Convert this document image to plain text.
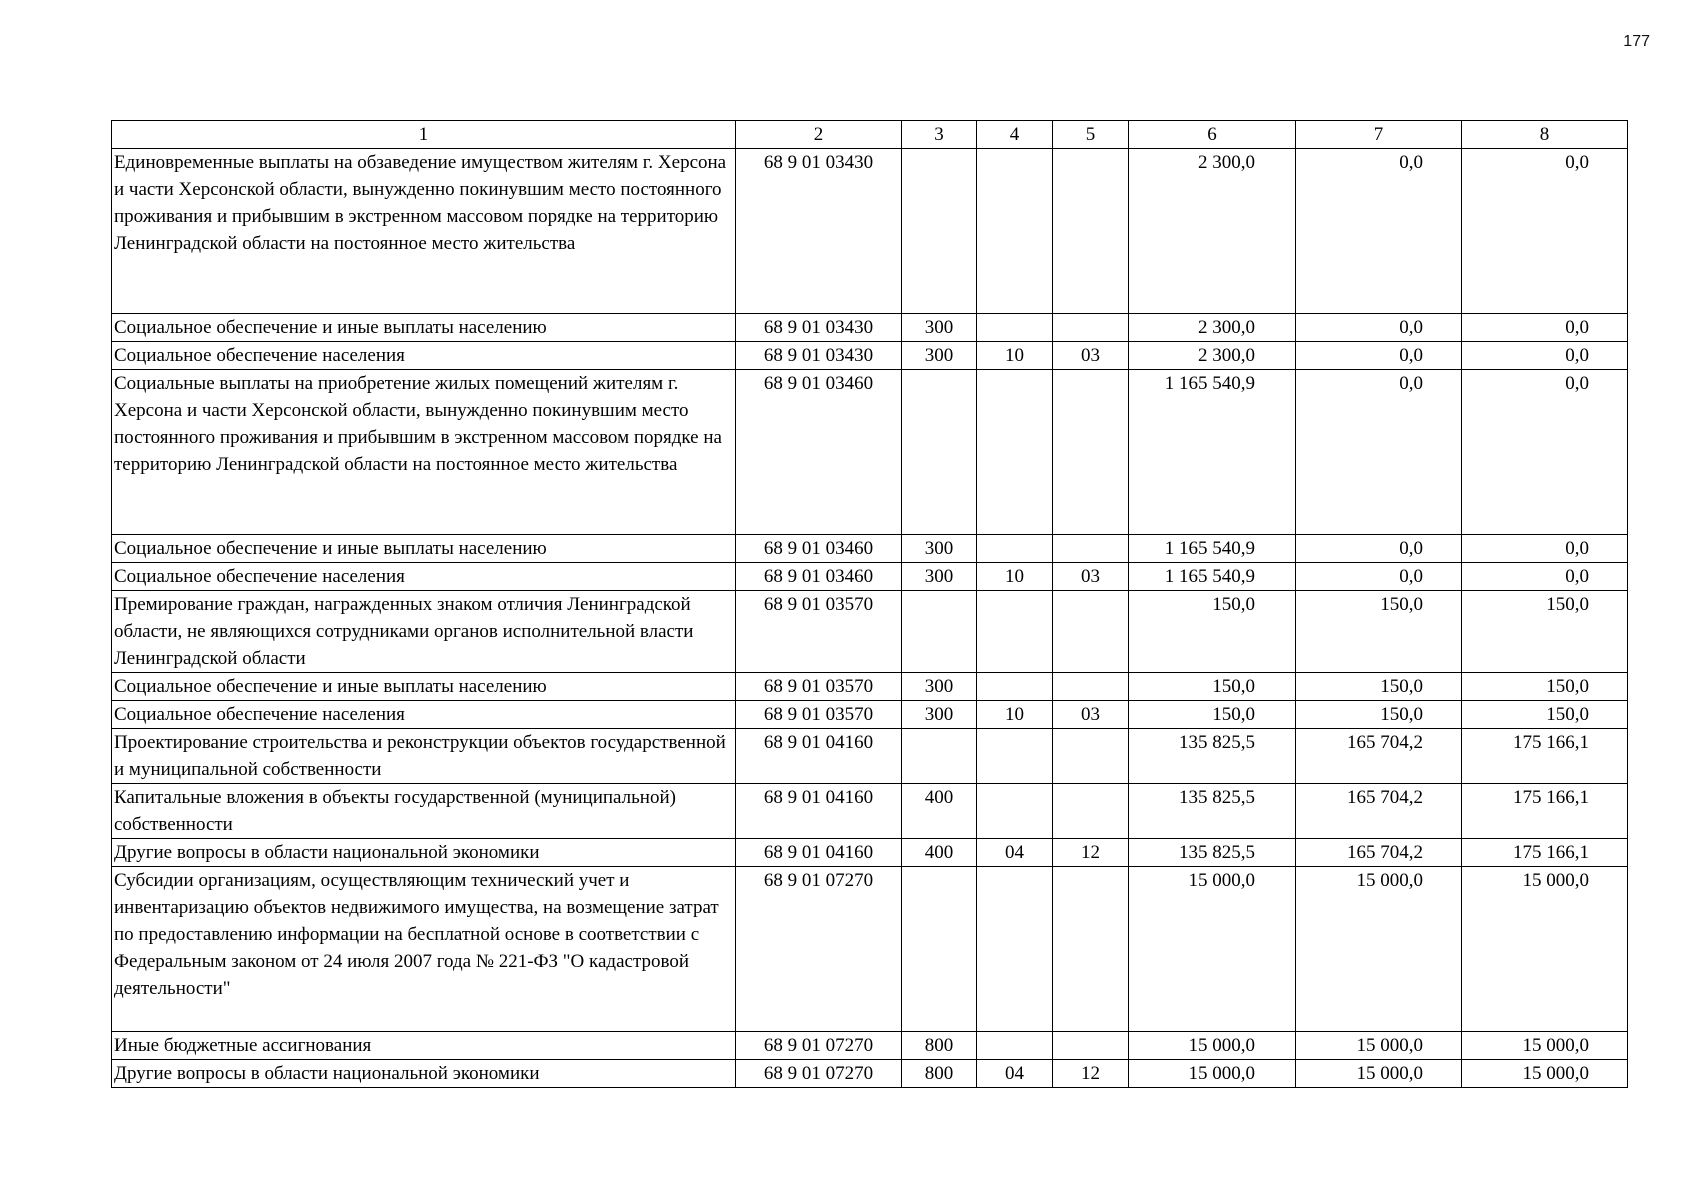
177
1	2	3	4	5	6	7	8
Единовременные выплаты на обзаведение имуществом жителям г. Херсона и части Херсонской области, вынужденно покинувшим место постоянного проживания и прибывшим в экстренном массовом порядке на территорию Ленинградской области на постоянное место жительства	68 9 01 03430				2 300,0	0,0	0,0
Социальное обеспечение и иные выплаты населению	68 9 01 03430	300			2 300,0	0,0	0,0
Социальное обеспечение населения	68 9 01 03430	300	10	03	2 300,0	0,0	0,0
Социальные выплаты на приобретение жилых помещений жителям г. Херсона и части Херсонской области, вынужденно покинувшим место постоянного проживания и прибывшим в экстренном массовом порядке на территорию Ленинградской области на постоянное место жительства	68 9 01 03460				1 165 540,9	0,0	0,0
Социальное обеспечение и иные выплаты населению	68 9 01 03460	300			1 165 540,9	0,0	0,0
Социальное обеспечение населения	68 9 01 03460	300	10	03	1 165 540,9	0,0	0,0
Премирование граждан, награжденных знаком отличия Ленинградской области, не являющихся сотрудниками органов исполнительной власти Ленинградской области	68 9 01 03570				150,0	150,0	150,0
Социальное обеспечение и иные выплаты населению	68 9 01 03570	300			150,0	150,0	150,0
Социальное обеспечение населения	68 9 01 03570	300	10	03	150,0	150,0	150,0
Проектирование строительства и реконструкции объектов государственной и муниципальной собственности	68 9 01 04160				135 825,5	165 704,2	175 166,1
Капитальные вложения в объекты государственной (муниципальной) собственности	68 9 01 04160	400			135 825,5	165 704,2	175 166,1
Другие вопросы в области национальной экономики	68 9 01 04160	400	04	12	135 825,5	165 704,2	175 166,1
Субсидии организациям, осуществляющим технический учет и инвентаризацию объектов недвижимого имущества, на возмещение затрат по предоставлению информации на бесплатной основе в соответствии с Федеральным законом от 24 июля 2007 года № 221-ФЗ "О кадастровой деятельности"	68 9 01 07270				15 000,0	15 000,0	15 000,0
Иные бюджетные ассигнования	68 9 01 07270	800			15 000,0	15 000,0	15 000,0
Другие вопросы в области национальной экономики	68 9 01 07270	800	04	12	15 000,0	15 000,0	15 000,0
